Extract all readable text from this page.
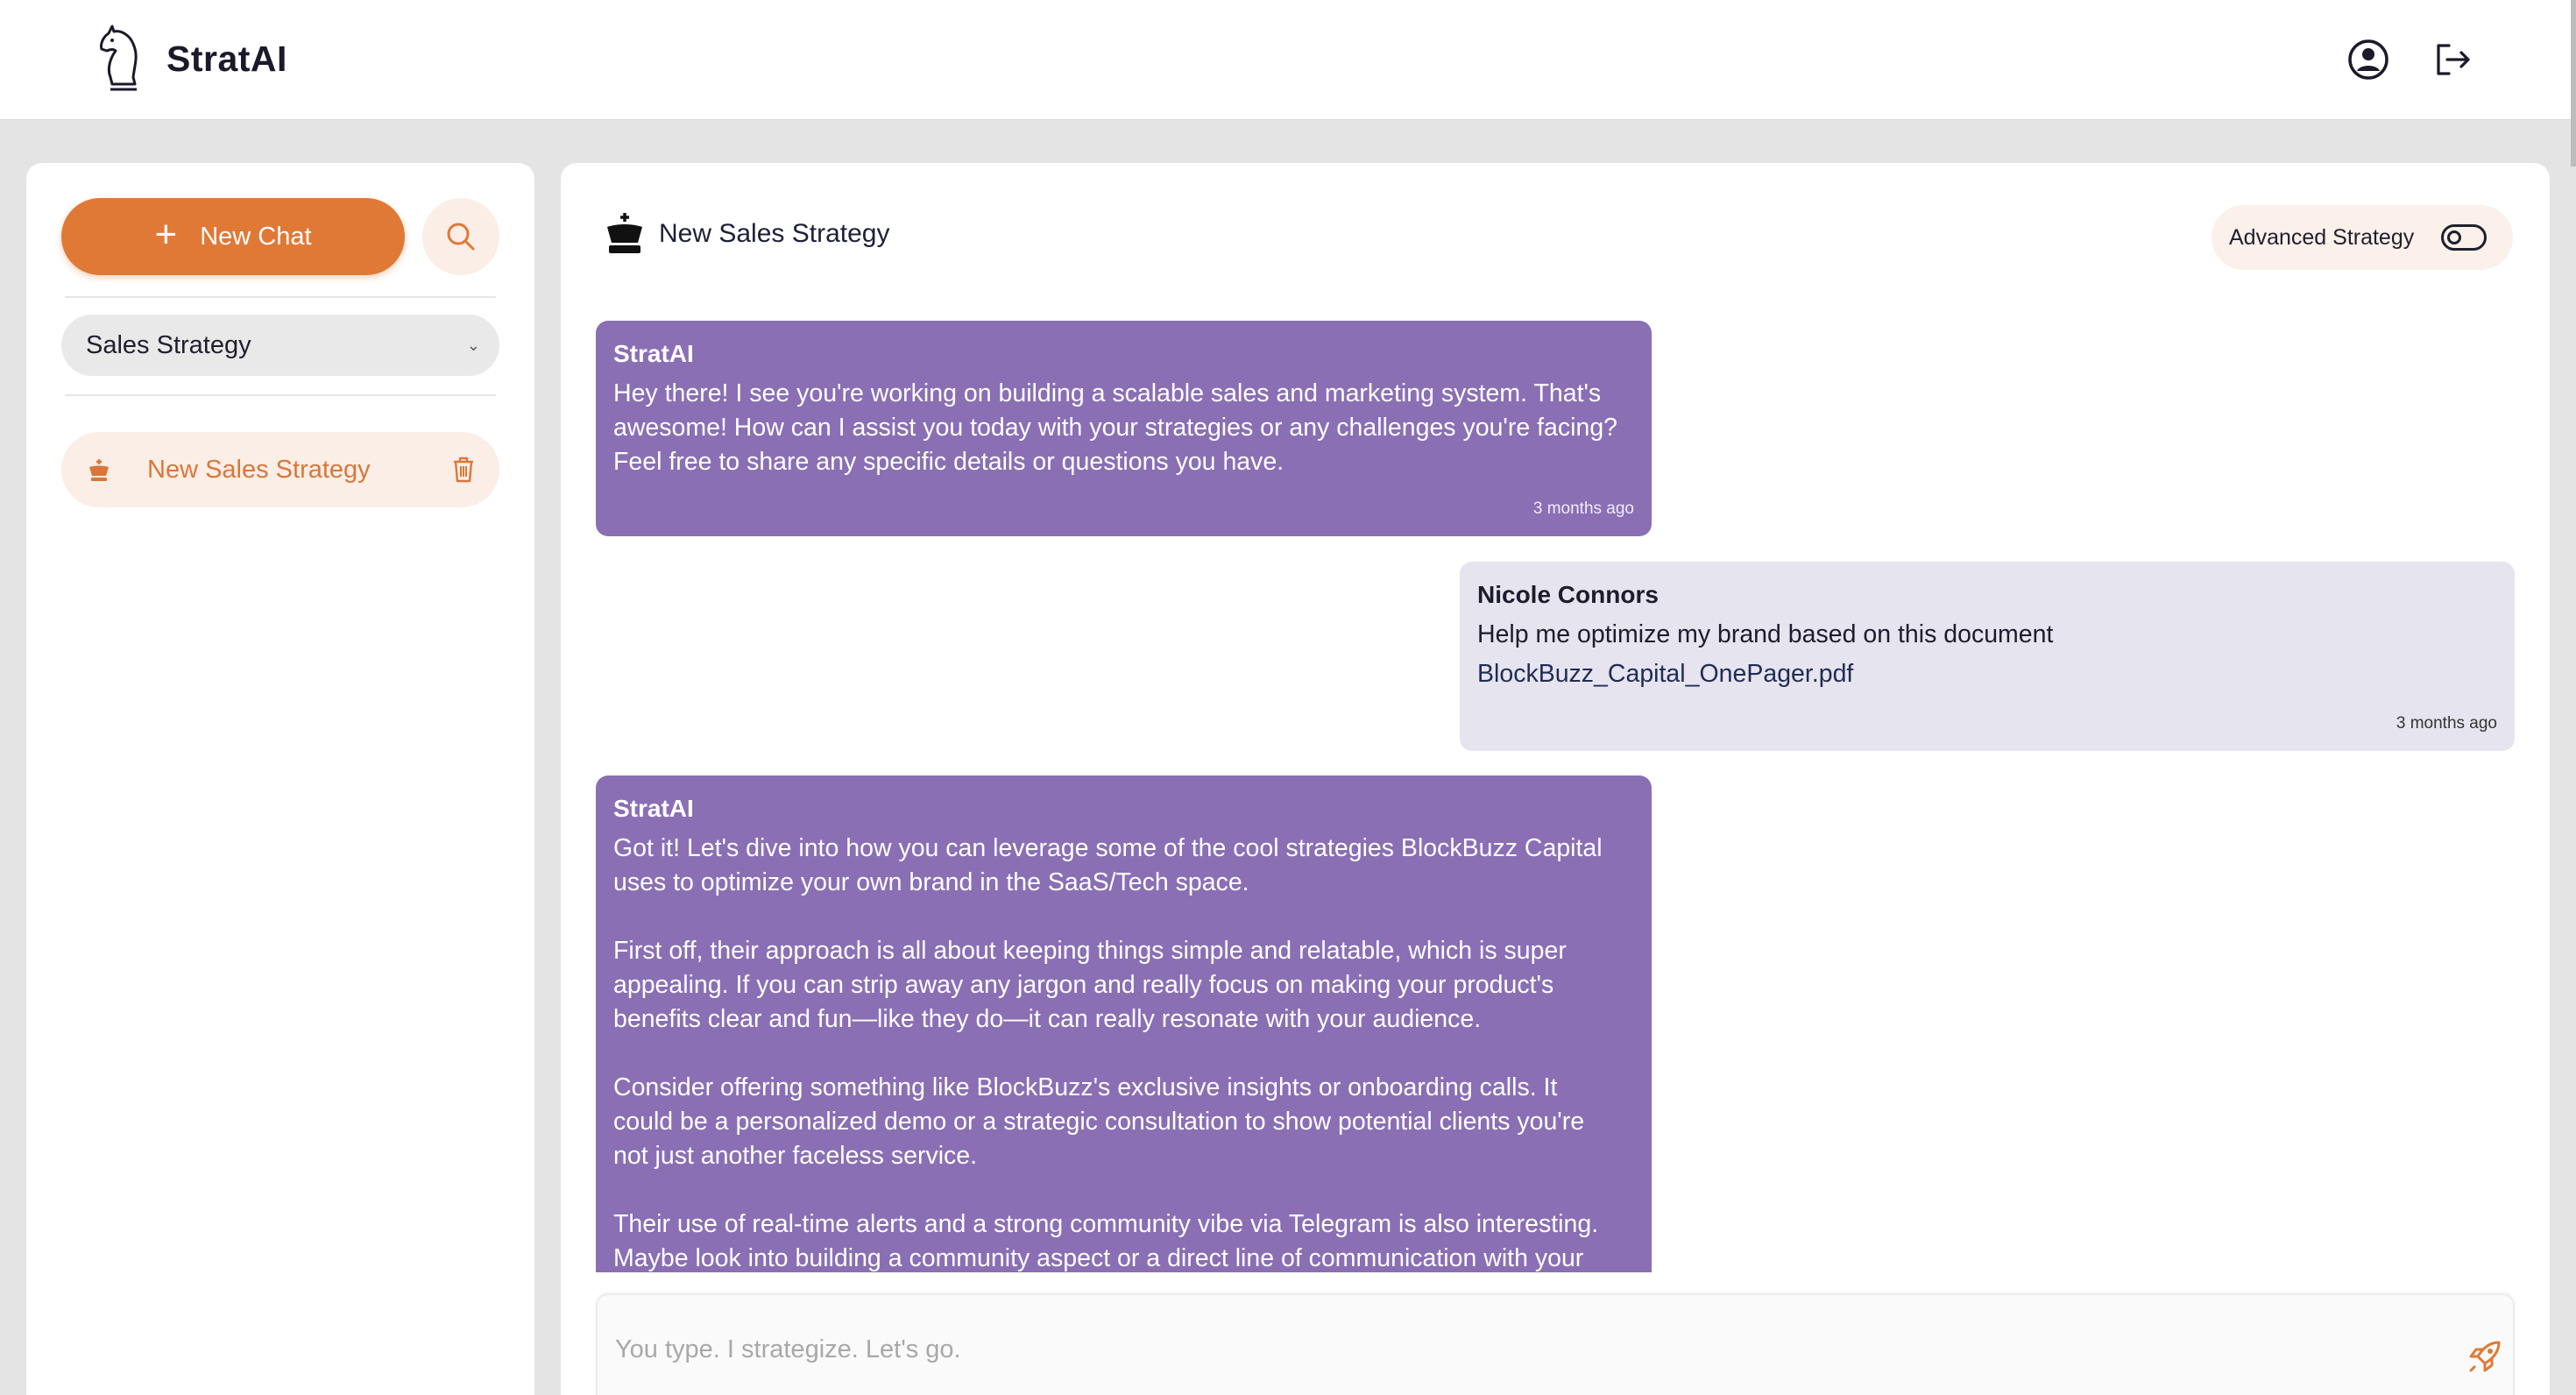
StratAI
+ New Chat
Sales Strategy	⌄
New Sales Strategy
New Sales Strategy	Advanced Strategy
StratAI
Hey there! I see you're working on building a scalable sales and marketing system. That's
awesome! How can I assist you today with your strategies or any challenges you're facing?
Feel free to share any specific details or questions you have.
3 months ago
Nicole Connors
Help me optimize my brand based on this document
BlockBuzz_Capital_OnePager.pdf
3 months ago
StratAI
Got it! Let's dive into how you can leverage some of the cool strategies BlockBuzz Capital
uses to optimize your own brand in the SaaS/Tech space.

First off, their approach is all about keeping things simple and relatable, which is super
appealing. If you can strip away any jargon and really focus on making your product's
benefits clear and fun—like they do—it can really resonate with your audience.

Consider offering something like BlockBuzz's exclusive insights or onboarding calls. It
could be a personalized demo or a strategic consultation to show potential clients you're
not just another faceless service.

Their use of real-time alerts and a strong community vibe via Telegram is also interesting.
Maybe look into building a community aspect or a direct line of communication with your
You type. I strategize. Let's go.
